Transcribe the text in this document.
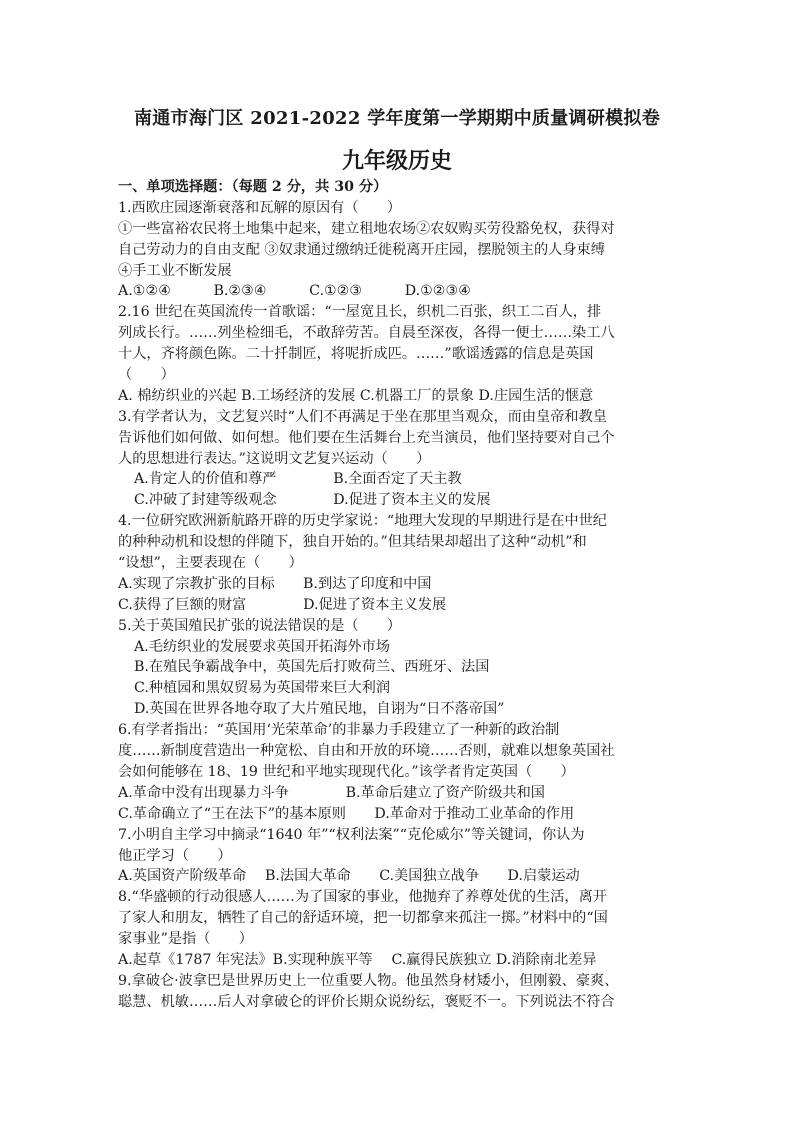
南通市海门区 2021-2022 学年度第一学期期中质量调研模拟卷
九年级历史
一、单项选择题：（每题 2 分，共 30 分）
1.西欧庄园逐渐衰落和瓦解的原因有（　　）
①一些富裕农民将土地集中起来，建立租地农场②农奴购买劳役豁免权，获得对
自己劳动力的自由支配 ③奴隶通过缴纳迁徙税离开庄园，摆脱领主的人身束缚
④手工业不断发展
A.①②④　　　B.②③④　　　C.①②③　　　D.①②③④
2.16 世纪在英国流传一首歌谣：“一屋宽且长，织机二百张，织工二百人，排
列成长行。……列坐检细毛，不敢辞劳苦。自晨至深夜，各得一便士……染工八
十人，齐将颜色陈。二十扦制匠，将呢折成匹。……”歌谣透露的信息是英国
（　　）
A. 棉纺织业的兴起 B.工场经济的发展 C.机器工厂的景象 D.庄园生活的惬意
3.有学者认为，文艺复兴时“人们不再满足于坐在那里当观众，而由皇帝和教皇
告诉他们如何做、如何想。他们要在生活舞台上充当演员，他们坚持要对自己个
人的思想进行表达。”这说明文艺复兴运动（　　）
A.肯定人的价值和尊严　　　　B.全面否定了天主教
C.冲破了封建等级观念　　　　D.促进了资本主义的发展
4.一位研究欧洲新航路开辟的历史学家说：“地理大发现的早期进行是在中世纪
的种种动机和设想的伴随下，独自开始的。”但其结果却超出了这种“动机”和
“设想”，主要表现在（　　）
A.实现了宗教扩张的目标　　B.到达了印度和中国
C.获得了巨额的财富　　　　D.促进了资本主义发展
5.关于英国殖民扩张的说法错误的是（　　）
A.毛纺织业的发展要求英国开拓海外市场
B.在殖民争霸战争中，英国先后打败荷兰、西班牙、法国
C.种植园和黑奴贸易为英国带来巨大利润
D.英国在世界各地夺取了大片殖民地，自诩为“日不落帝国”
6.有学者指出：“英国用‘光荣革命’的非暴力手段建立了一种新的政治制
度……新制度营造出一种宽松、自由和开放的环境……否则，就难以想象英国社
会如何能够在 18、19 世纪和平地实现现代化。”该学者肯定英国（　　）
A.革命中没有出现暴力斗争　　　　B.革命后建立了资产阶级共和国
C.革命确立了“王在法下”的基本原则　　D.革命对于推动工业革命的作用
7.小明自主学习中摘录“1640 年”“权利法案”“克伦威尔”等关键词，你认为
他正学习（　　）
A.英国资产阶级革命　 B.法国大革命　　C.美国独立战争　　D.启蒙运动
8.“华盛顿的行动很感人……为了国家的事业，他抛弃了养尊处优的生活，离开
了家人和朋友，牺牲了自己的舒适环境，把一切都拿来孤注一掷。”材料中的“国
家事业”是指（　　）
A.起草《1787 年宪法》B.实现种族平等　 C.赢得民族独立 D.消除南北差异
9.拿破仑·波拿巴是世界历史上一位重要人物。他虽然身材矮小，但刚毅、豪爽、
聪慧、机敏……后人对拿破仑的评价长期众说纷纭，褒贬不一。下列说法不符合
